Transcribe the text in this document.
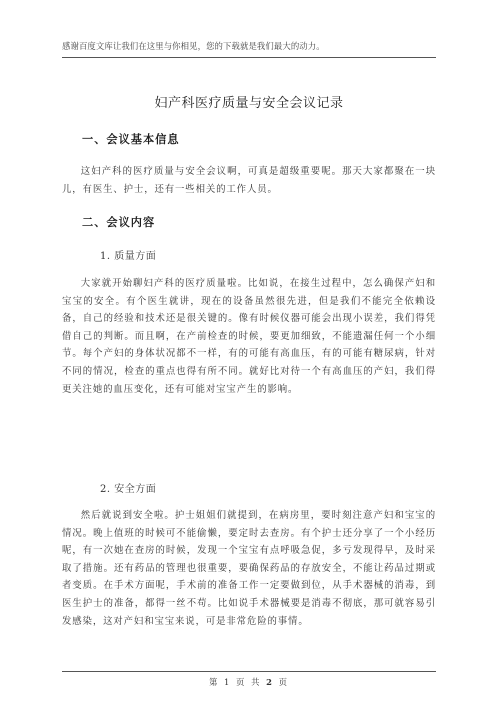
感谢百度文库让我们在这里与你相见，您的下载就是我们最大的动力。
妇产科医疗质量与安全会议记录
一、会议基本信息

这妇产科的医疗质量与安全会议啊，可真是超级重要呢。那天大家都聚在一块儿，有医生、护士，还有一些相关的工作人员。

二、会议内容
1. 质量方面

大家就开始聊妇产科的医疗质量啦。比如说，在接生过程中，怎么确保产妇和宝宝的安全。有个医生就讲，现在的设备虽然很先进，但是我们不能完全依赖设备，自己的经验和技术还是很关键的。像有时候仪器可能会出现小误差，我们得凭借自己的判断。而且啊，在产前检查的时候，要更加细致，不能遗漏任何一个小细节。每个产妇的身体状况都不一样，有的可能有高血压，有的可能有糖尿病，针对不同的情况，检查的重点也得有所不同。就好比对待一个有高血压的产妇，我们得更关注她的血压变化，还有可能对宝宝产生的影响。

2. 安全方面

然后就说到安全啦。护士姐姐们就提到，在病房里，要时刻注意产妇和宝宝的情况。晚上值班的时候可不能偷懒，要定时去查房。有个护士还分享了一个小经历呢，有一次她在查房的时候，发现一个宝宝有点呼吸急促，多亏发现得早，及时采取了措施。还有药品的管理也很重要，要确保药品的存放安全，不能让药品过期或者变质。在手术方面呢，手术前的准备工作一定要做到位，从手术器械的消毒，到医生护士的准备，都得一丝不苟。比如说手术器械要是消毒不彻底，那可就容易引发感染，这对产妇和宝宝来说，可是非常危险的事情。

第 1 页 共 2 页
